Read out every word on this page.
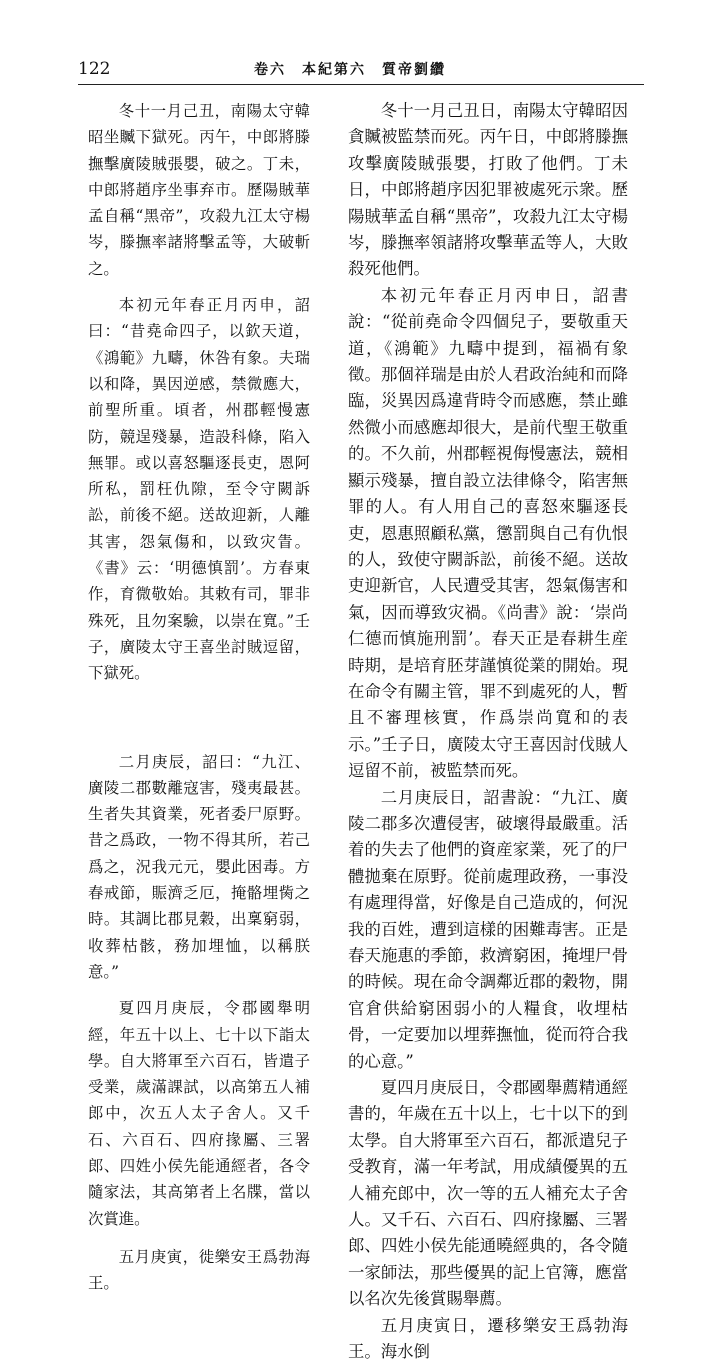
122	卷六　本紀第六　質帝劉纘

冬十一月己丑，南陽太守韓昭坐贓下獄死。丙午，中郎將滕撫擊廣陵賊張嬰，破之。丁未，中郎將趙序坐事弃市。歷陽賊華孟自稱“黑帝”，攻殺九江太守楊岑，滕撫率諸將擊孟等，大破斬之。

本初元年春正月丙申，詔曰：“昔堯命四子，以欽天道，《鴻範》九疇，休咎有象。夫瑞以和降，異因逆感，禁微應大，前聖所重。頃者，州郡輕慢憲防，競逞殘暴，造設科條，陷入無罪。或以喜怒驅逐長吏，恩阿所私，罰枉仇隙，至令守闕訴訟，前後不絕。送故迎新，人離其害，怨氣傷和，以致灾眚。《書》云：‘明德慎罰’。方春東作，育微敬始。其敕有司，罪非殊死，且勿案驗，以崇在寬。”壬子，廣陵太守王喜坐討賊逗留，下獄死。

二月庚辰，詔曰：“九江、廣陵二郡數離寇害，殘夷最甚。生者失其資業，死者委尸原野。昔之爲政，一物不得其所，若己爲之，況我元元，嬰此困毒。方春戒節，賑濟乏厄，掩骼埋胔之時。其調比郡見穀，出稟窮弱，收葬枯骸，務加埋恤，以稱朕意。”

夏四月庚辰，令郡國舉明經，年五十以上、七十以下詣太學。自大將軍至六百石，皆遣子受業，歲滿課試，以高第五人補郎中，次五人太子舍人。又千石、六百石、四府掾屬、三署郎、四姓小侯先能通經者，各令隨家法，其高第者上名牒，當以次賞進。

五月庚寅，徙樂安王爲勃海王。

冬十一月己丑日，南陽太守韓昭因貪贓被監禁而死。丙午日，中郎將滕撫攻擊廣陵賊張嬰，打敗了他們。丁未日，中郎將趙序因犯罪被處死示衆。歷陽賊華孟自稱“黑帝”，攻殺九江太守楊岑，滕撫率領諸將攻擊華孟等人，大敗殺死他們。

本初元年春正月丙申日，詔書說：“從前堯命令四個兒子，要敬重天道，《鴻範》九疇中提到，福禍有象徵。那個祥瑞是由於人君政治純和而降臨，災異因爲違背時令而感應，禁止雖然微小而感應却很大，是前代聖王敬重的。不久前，州郡輕視侮慢憲法，競相顯示殘暴，擅自設立法律條令，陷害無罪的人。有人用自己的喜怒來驅逐長吏，恩惠照顧私黨，懲罰與自己有仇恨的人，致使守闕訴訟，前後不絕。送故吏迎新官，人民遭受其害，怨氣傷害和氣，因而導致灾禍。《尚書》說：‘崇尚仁德而慎施刑罰’。春天正是春耕生産時期，是培育胚芽謹慎從業的開始。現在命令有關主管，罪不到處死的人，暫且不審理核實，作爲崇尚寬和的表示。”壬子日，廣陵太守王喜因討伐賊人逗留不前，被監禁而死。

二月庚辰日，詔書說：“九江、廣陵二郡多次遭侵害，破壞得最嚴重。活着的失去了他們的資産家業，死了的尸體拋棄在原野。從前處理政務，一事没有處理得當，好像是自己造成的，何況我的百姓，遭到這樣的困難毒害。正是春天施惠的季節，救濟窮困，掩埋尸骨的時候。現在命令調鄰近郡的穀物，開官倉供給窮困弱小的人糧食，收埋枯骨，一定要加以埋葬撫恤，從而符合我的心意。”

夏四月庚辰日，令郡國舉薦精通經書的，年歲在五十以上，七十以下的到太學。自大將軍至六百石，都派遣兒子受教育，滿一年考試，用成績優異的五人補充郎中，次一等的五人補充太子舍人。又千石、六百石、四府掾屬、三署郎、四姓小侯先能通曉經典的，各令隨一家師法，那些優異的記上官簿，應當以名次先後賞賜舉薦。

五月庚寅日，遷移樂安王爲勃海王。海水倒
